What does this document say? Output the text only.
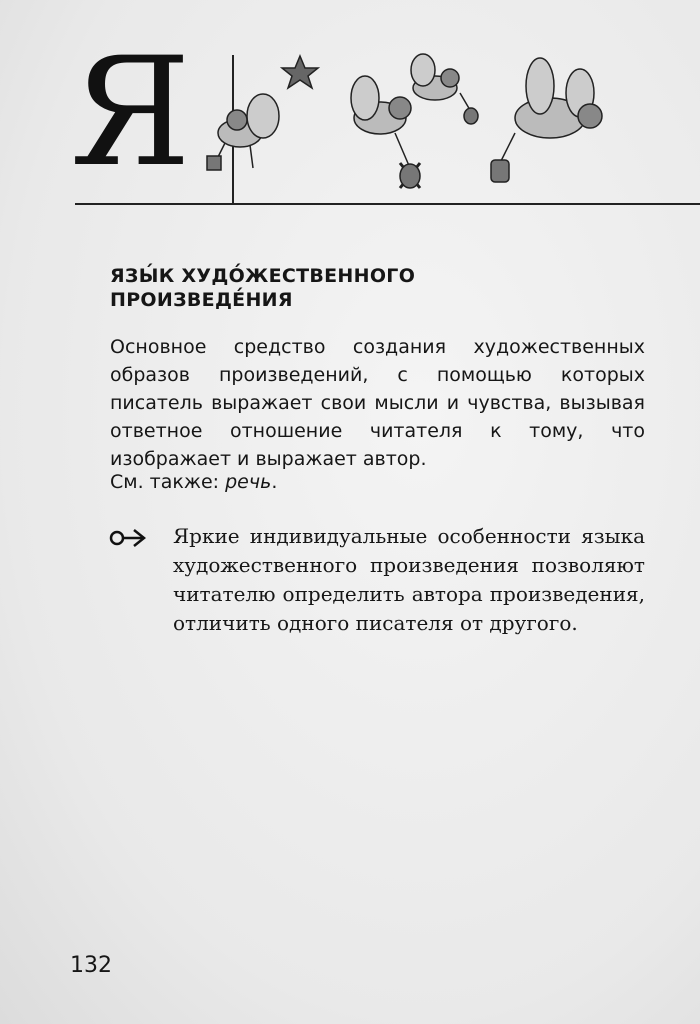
Я
ЯЗЫ́К ХУДО́ЖЕСТВЕННОГО
ПРОИЗВЕДЕ́НИЯ
Основное средство создания художественных образов произведений, с помощью которых писатель выражает свои мысли и чувства, вызывая ответное отношение читателя к тому, что изображает и выражает автор.
См. также: речь.
Яркие индивидуальные особенности языка художественного произведения позволяют читателю определить автора произведения, отличить одного писателя от другого.
132
